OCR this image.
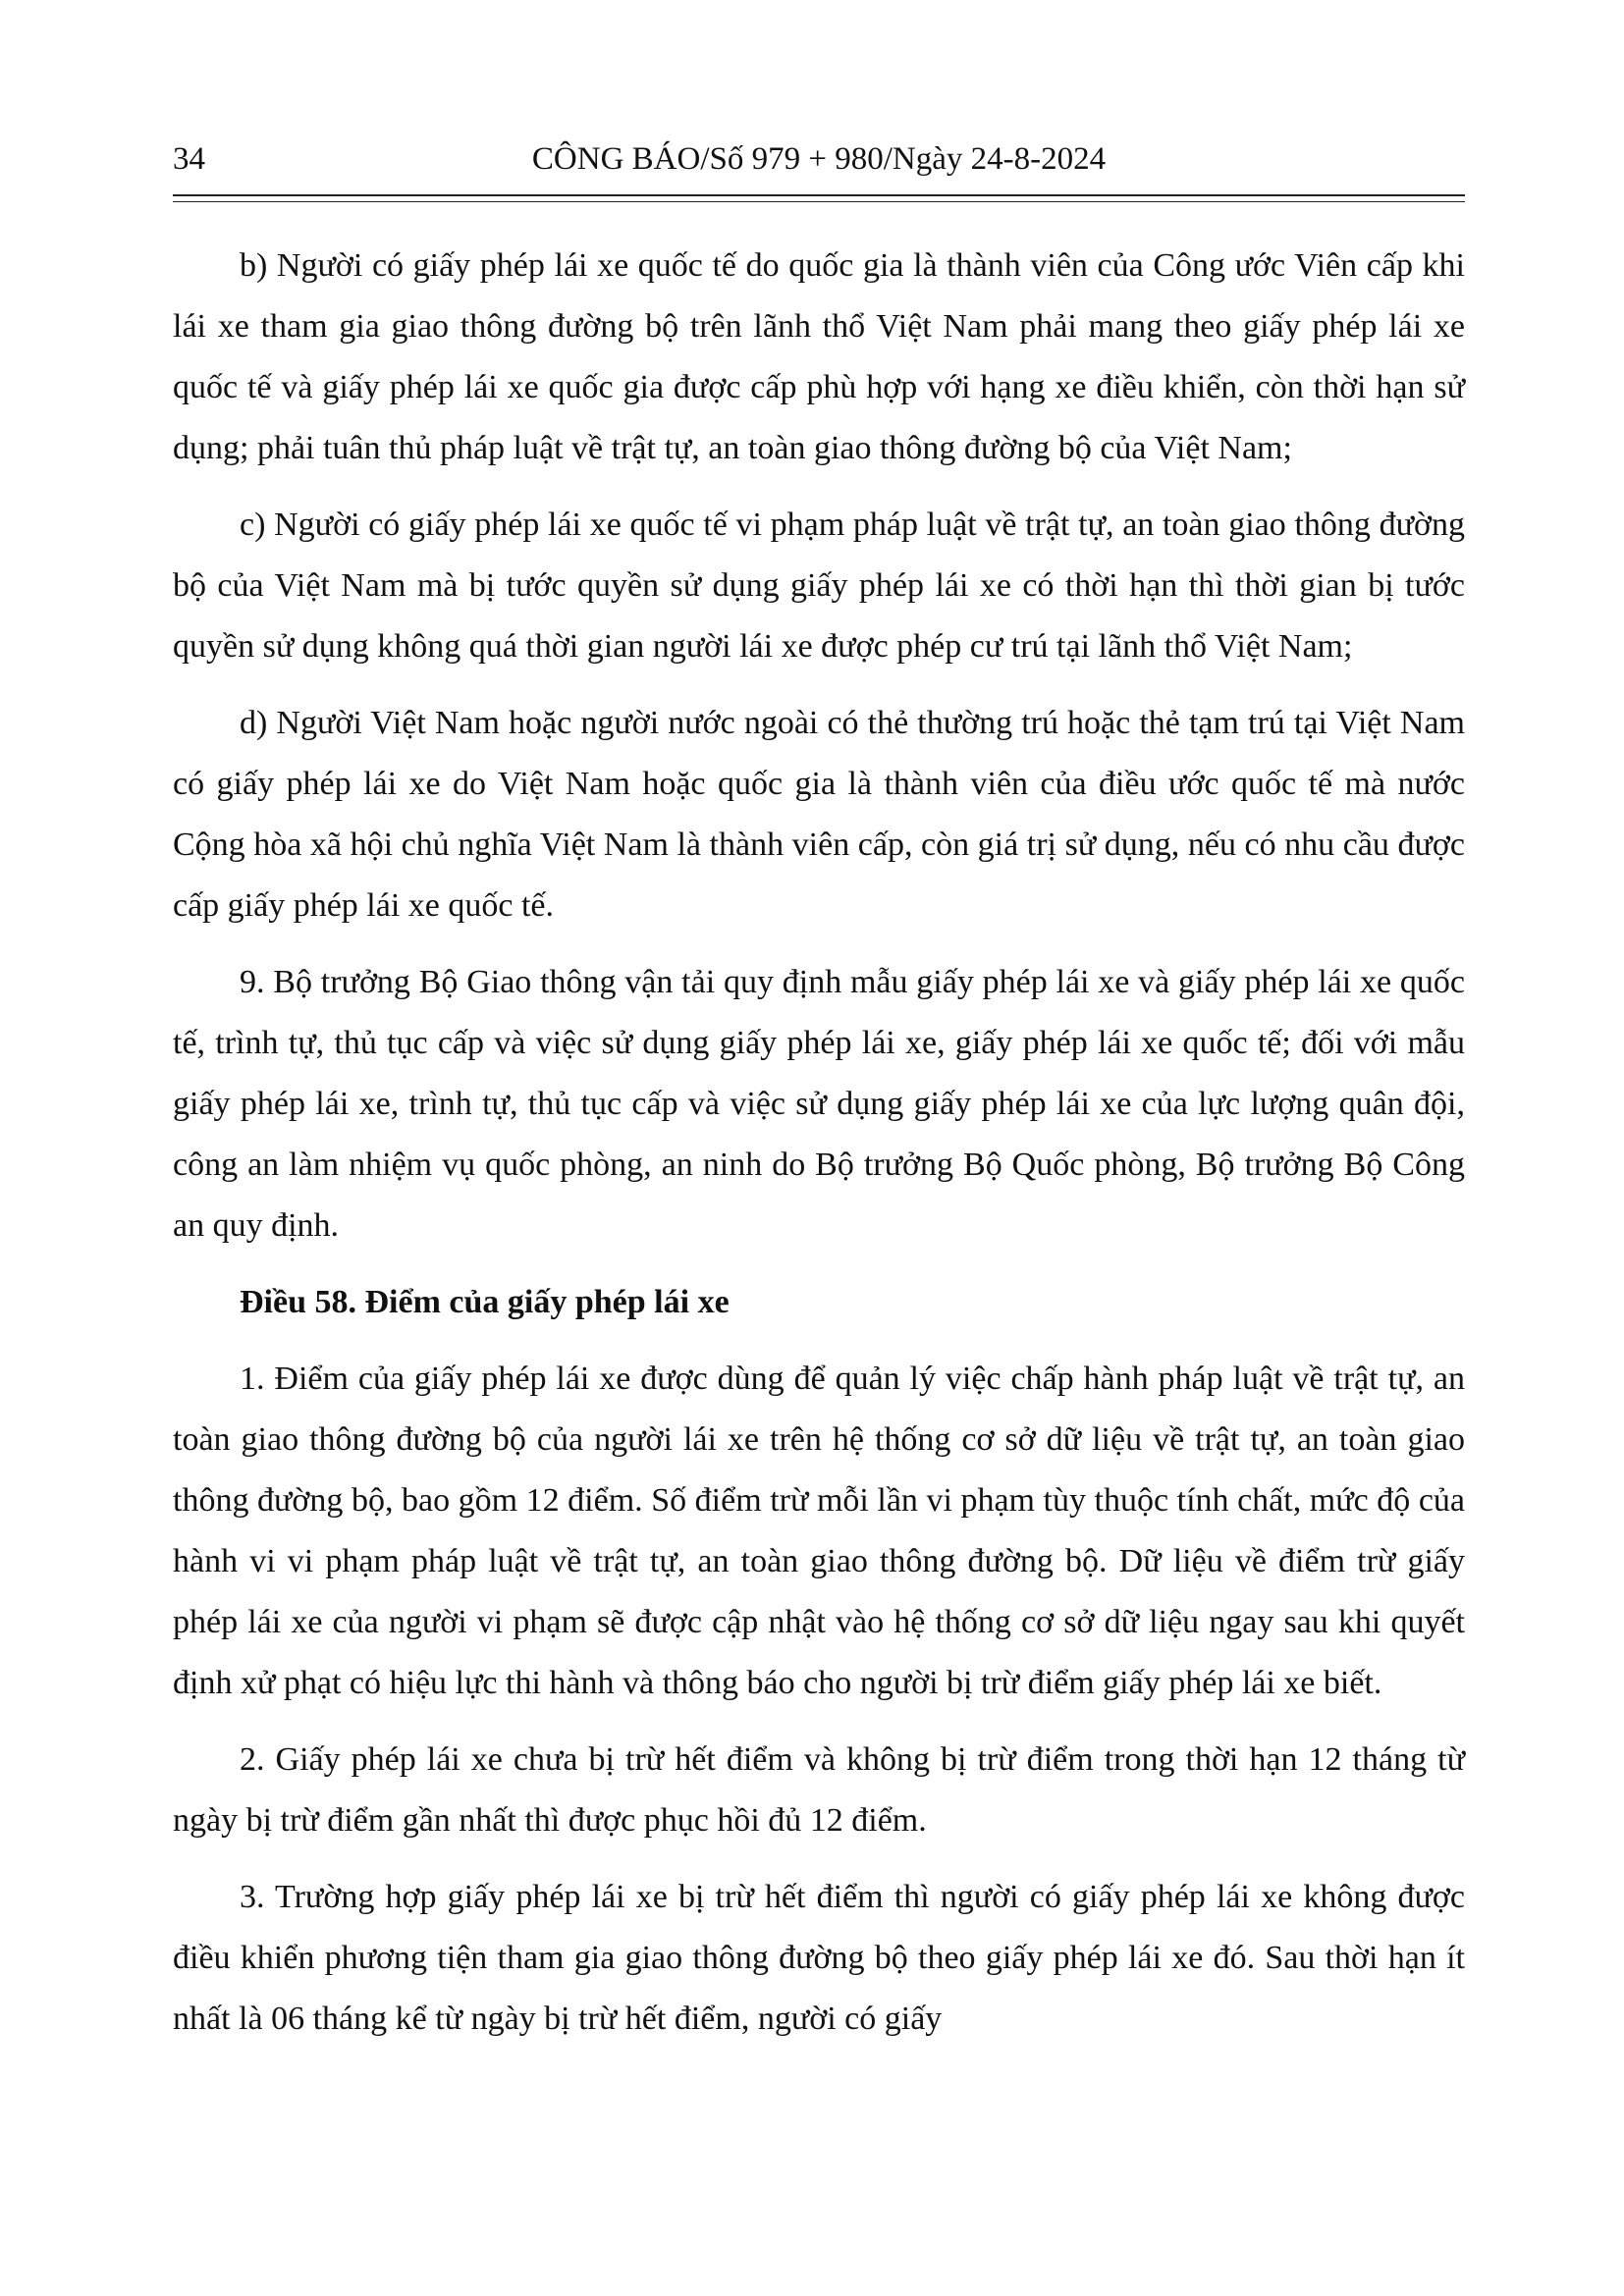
34	CÔNG BÁO/Số 979 + 980/Ngày 24-8-2024

b) Người có giấy phép lái xe quốc tế do quốc gia là thành viên của Công ước Viên cấp khi lái xe tham gia giao thông đường bộ trên lãnh thổ Việt Nam phải mang theo giấy phép lái xe quốc tế và giấy phép lái xe quốc gia được cấp phù hợp với hạng xe điều khiển, còn thời hạn sử dụng; phải tuân thủ pháp luật về trật tự, an toàn giao thông đường bộ của Việt Nam;

c) Người có giấy phép lái xe quốc tế vi phạm pháp luật về trật tự, an toàn giao thông đường bộ của Việt Nam mà bị tước quyền sử dụng giấy phép lái xe có thời hạn thì thời gian bị tước quyền sử dụng không quá thời gian người lái xe được phép cư trú tại lãnh thổ Việt Nam;

d) Người Việt Nam hoặc người nước ngoài có thẻ thường trú hoặc thẻ tạm trú tại Việt Nam có giấy phép lái xe do Việt Nam hoặc quốc gia là thành viên của điều ước quốc tế mà nước Cộng hòa xã hội chủ nghĩa Việt Nam là thành viên cấp, còn giá trị sử dụng, nếu có nhu cầu được cấp giấy phép lái xe quốc tế.

9. Bộ trưởng Bộ Giao thông vận tải quy định mẫu giấy phép lái xe và giấy phép lái xe quốc tế, trình tự, thủ tục cấp và việc sử dụng giấy phép lái xe, giấy phép lái xe quốc tế; đối với mẫu giấy phép lái xe, trình tự, thủ tục cấp và việc sử dụng giấy phép lái xe của lực lượng quân đội, công an làm nhiệm vụ quốc phòng, an ninh do Bộ trưởng Bộ Quốc phòng, Bộ trưởng Bộ Công an quy định.

Điều 58. Điểm của giấy phép lái xe

1. Điểm của giấy phép lái xe được dùng để quản lý việc chấp hành pháp luật về trật tự, an toàn giao thông đường bộ của người lái xe trên hệ thống cơ sở dữ liệu về trật tự, an toàn giao thông đường bộ, bao gồm 12 điểm. Số điểm trừ mỗi lần vi phạm tùy thuộc tính chất, mức độ của hành vi vi phạm pháp luật về trật tự, an toàn giao thông đường bộ. Dữ liệu về điểm trừ giấy phép lái xe của người vi phạm sẽ được cập nhật vào hệ thống cơ sở dữ liệu ngay sau khi quyết định xử phạt có hiệu lực thi hành và thông báo cho người bị trừ điểm giấy phép lái xe biết.

2. Giấy phép lái xe chưa bị trừ hết điểm và không bị trừ điểm trong thời hạn 12 tháng từ ngày bị trừ điểm gần nhất thì được phục hồi đủ 12 điểm.

3. Trường hợp giấy phép lái xe bị trừ hết điểm thì người có giấy phép lái xe không được điều khiển phương tiện tham gia giao thông đường bộ theo giấy phép lái xe đó. Sau thời hạn ít nhất là 06 tháng kể từ ngày bị trừ hết điểm, người có giấy
